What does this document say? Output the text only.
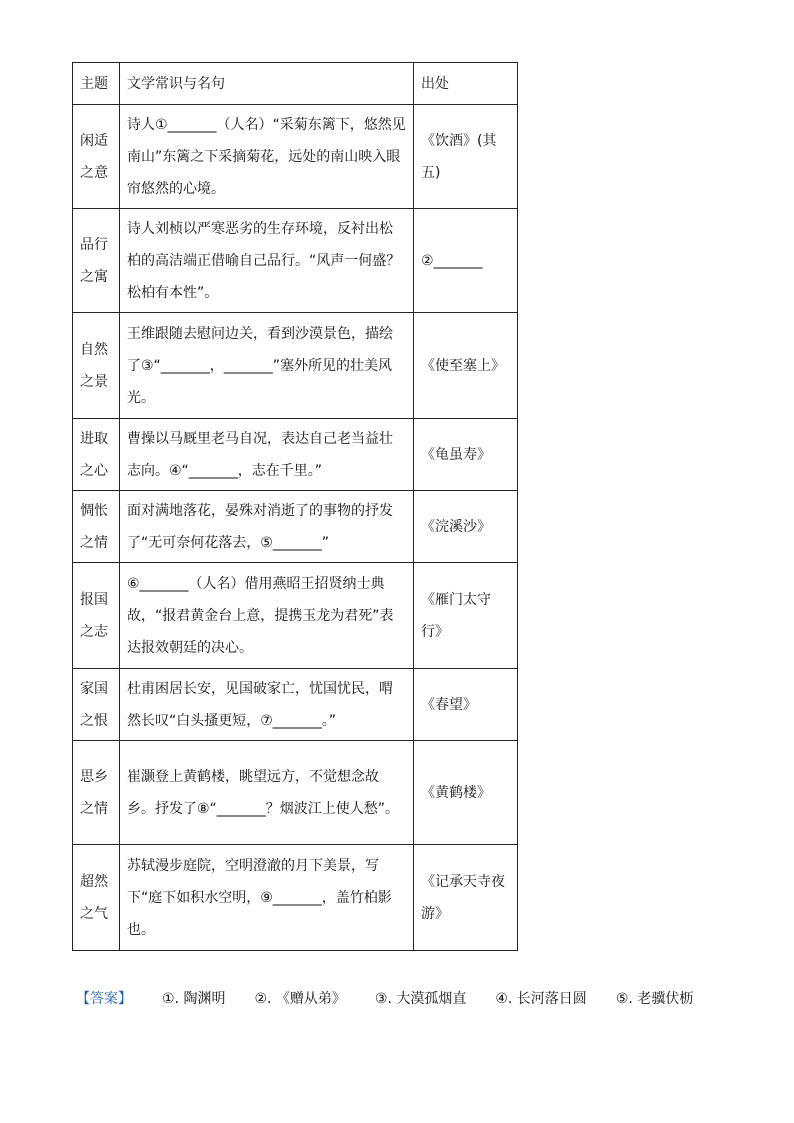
主题	文学常识与名句	出处
闲适之意	诗人①_______（人名）“采菊东篱下，悠然见南山”东篱之下采摘菊花，远处的南山映入眼帘悠然的心境。	《饮酒》(其五)
品行之寓	诗人刘桢以严寒恶劣的生存环境，反衬出松柏的高洁端正借喻自己品行。“风声一何盛？松柏有本性”。	②_______
自然之景	王维跟随去慰问边关，看到沙漠景色，描绘了③“_______，_______”塞外所见的壮美风光。	《使至塞上》
进取之心	曹操以马厩里老马自况，表达自己老当益壮志向。④“_______，志在千里。”	《龟虽寿》
惆怅之情	面对满地落花，晏殊对消逝了的事物的抒发了“无可奈何花落去，⑤_______”	《浣溪沙》
报国之志	⑥_______（人名）借用燕昭王招贤纳士典故，“报君黄金台上意，提携玉龙为君死”表达报效朝廷的决心。	《雁门太守行》
家国之恨	杜甫困居长安，见国破家亡，忧国忧民，喟然长叹“白头搔更短，⑦_______。”	《春望》
思乡之情	崔灏登上黄鹤楼，眺望远方，不觉想念故乡。抒发了⑧“_______？烟波江上使人愁”。	《黄鹤楼》
超然之气	苏轼漫步庭院，空明澄澈的月下美景，写下“庭下如积水空明，⑨_______，盖竹柏影也。	《记承天寺夜游》
【答案】 ①. 陶渊明 ②. 《赠从弟》 ③. 大漠孤烟直 ④. 长河落日圆 ⑤. 老骥伏枥
